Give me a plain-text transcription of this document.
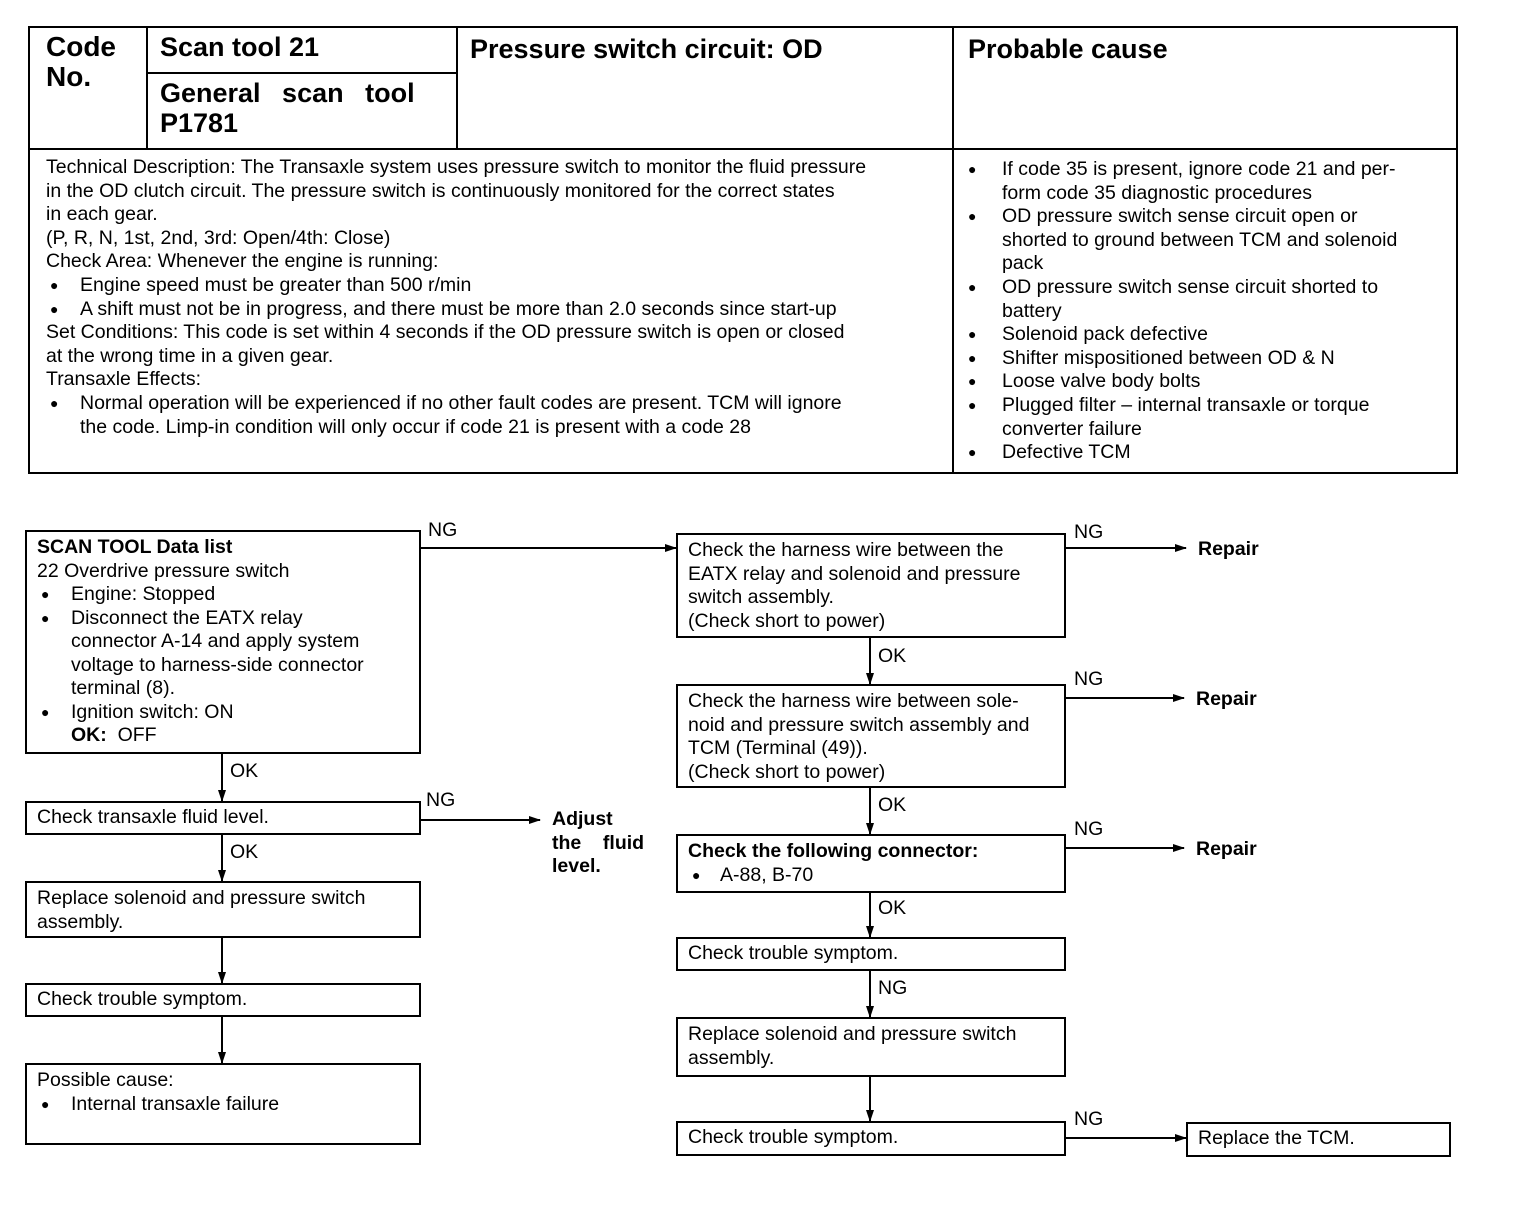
Code
No.
Scan tool 21
General scan tool
P1781
Pressure switch circuit: OD	Probable cause
Technical Description: The Transaxle system uses pressure switch to monitor the fluid pressure
in the OD clutch circuit. The pressure switch is continuously monitored for the correct states
in each gear.
(P, R, N, 1st, 2nd, 3rd: Open/4th: Close)
Check Area: Whenever the engine is running:
● Engine speed must be greater than 500 r/min
● A shift must not be in progress, and there must be more than 2.0 seconds since start-up
Set Conditions: This code is set within 4 seconds if the OD pressure switch is open or closed
at the wrong time in a given gear.
Transaxle Effects:
● Normal operation will be experienced if no other fault codes are present. TCM will ignore
the code. Limp-in condition will only occur if code 21 is present with a code 28
● If code 35 is present, ignore code 21 and per-
form code 35 diagnostic procedures
● OD pressure switch sense circuit open or
shorted to ground between TCM and solenoid
pack
● OD pressure switch sense circuit shorted to
battery
● Solenoid pack defective
● Shifter mispositioned between OD & N
● Loose valve body bolts
● Plugged filter – internal transaxle or torque
converter failure
● Defective TCM
SCAN TOOL Data list
22 Overdrive pressure switch
● Engine: Stopped
● Disconnect the EATX relay
connector A-14 and apply system
voltage to harness-side connector
terminal (8).
● Ignition switch: ON
OK: OFF
Check transaxle fluid level.
Replace solenoid and pressure switch
assembly.
Check trouble symptom.
Possible cause:
● Internal transaxle failure
Adjust
the    fluid
level.
Check the harness wire between the
EATX relay and solenoid and pressure
switch assembly.
(Check short to power)
Check the harness wire between sole-
noid and pressure switch assembly and
TCM (Terminal (49)).
(Check short to power)
Check the following connector:
● A-88, B-70
Check trouble symptom.
Replace solenoid and pressure switch
assembly.
Check trouble symptom.	Replace the TCM.
Repair
Repair
Repair
NG
OK
NG
OK
NG
OK
NG
OK
NG
OK
NG
NG
